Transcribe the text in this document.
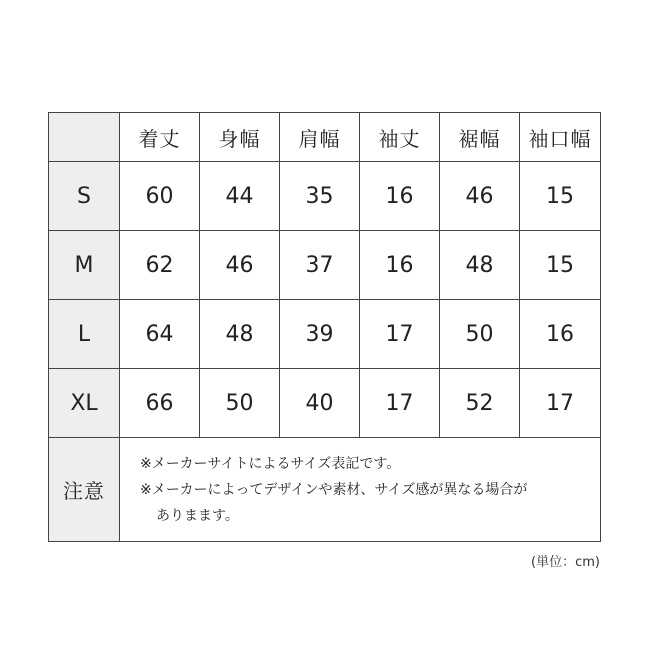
	着丈	身幅	肩幅	袖丈	裾幅	袖口幅
S	60	44	35	16	46	15
M	62	46	37	16	48	15
L	64	48	39	17	50	16
XL	66	50	40	17	52	17
注意	※メーカーサイトによるサイズ表記です。
※メーカーによってデザインや素材、サイズ感が異なる場合が
ありまます。					
(単位：cm)
